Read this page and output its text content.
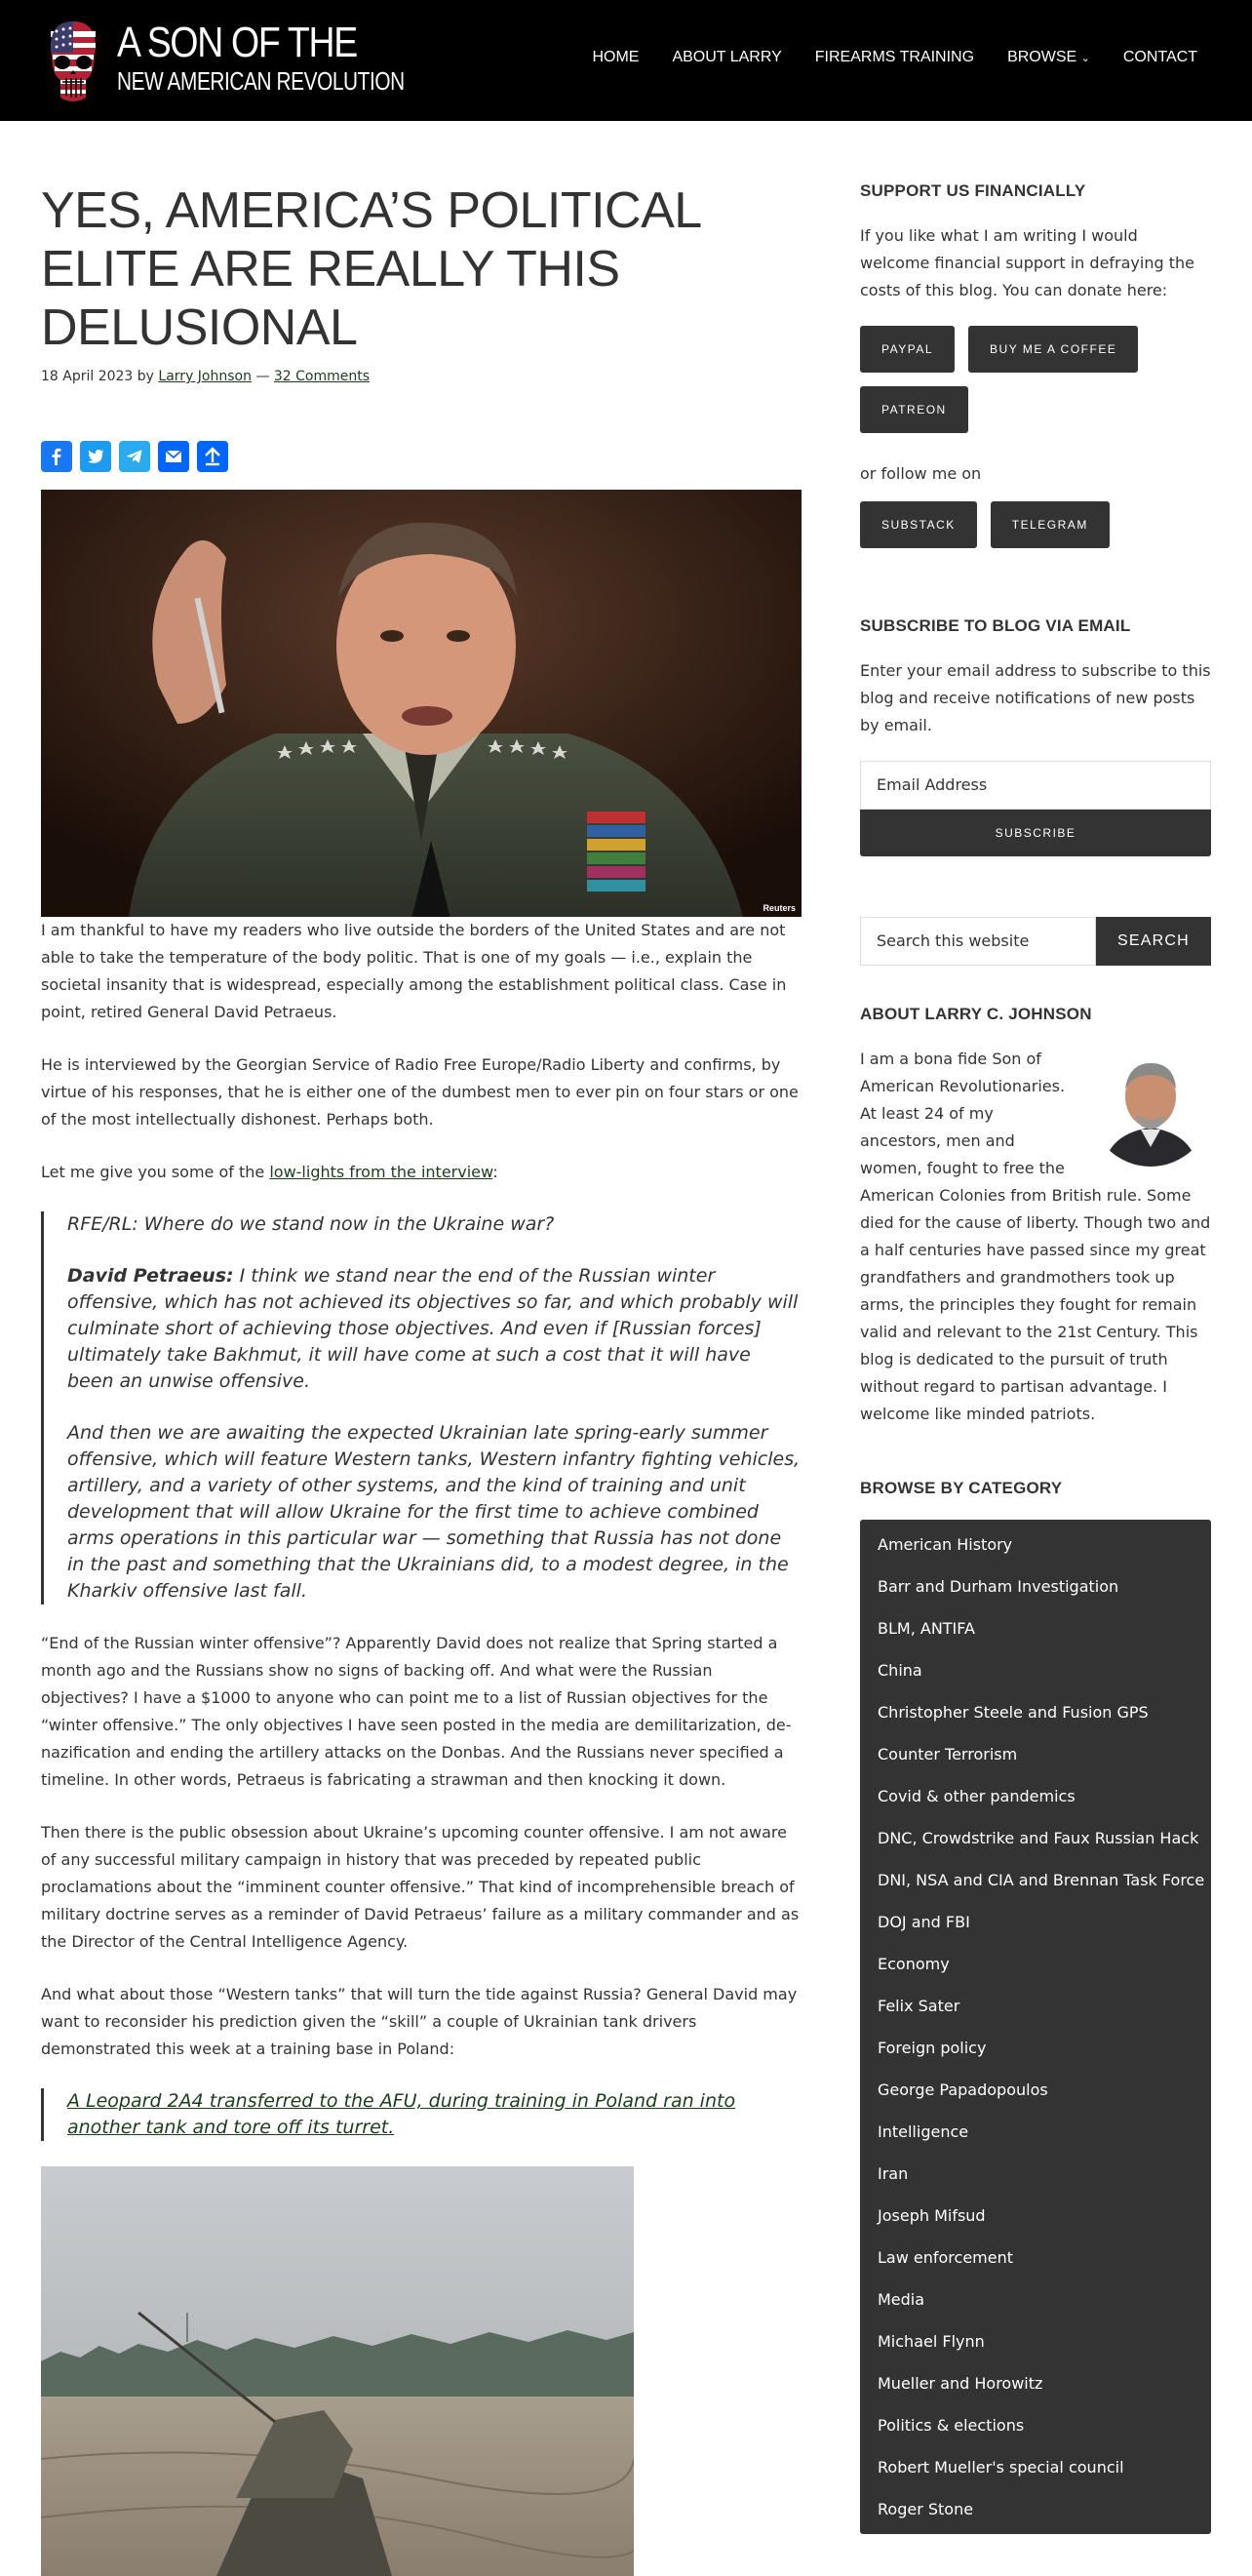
A SON OF THE
NEW AMERICAN REVOLUTION
HOME ABOUT LARRY FIREARMS TRAINING BROWSE ⌄ CONTACT
YES, AMERICA’S POLITICAL ELITE ARE REALLY THIS DELUSIONAL
18 April 2023 by Larry Johnson — 32 Comments
Reuters

I am thankful to have my readers who live outside the borders of the United States and are not able to take the temperature of the body politic. That is one of my goals — i.e., explain the societal insanity that is widespread, especially among the establishment political class. Case in point, retired General David Petraeus.

He is interviewed by the Georgian Service of Radio Free Europe/Radio Liberty and confirms, by virtue of his responses, that he is either one of the dumbest men to ever pin on four stars or one of the most intellectually dishonest. Perhaps both.

Let me give you some of the low-lights from the interview:

RFE/RL: Where do we stand now in the Ukraine war?

David Petraeus: I think we stand near the end of the Russian winter offensive, which has not achieved its objectives so far, and which probably will culminate short of achieving those objectives. And even if [Russian forces] ultimately take Bakhmut, it will have come at such a cost that it will have been an unwise offensive.

And then we are awaiting the expected Ukrainian late spring-early summer offensive, which will feature Western tanks, Western infantry fighting vehicles, artillery, and a variety of other systems, and the kind of training and unit development that will allow Ukraine for the first time to achieve combined arms operations in this particular war — something that Russia has not done in the past and something that the Ukrainians did, to a modest degree, in the Kharkiv offensive last fall.

“End of the Russian winter offensive”? Apparently David does not realize that Spring started a month ago and the Russians show no signs of backing off. And what were the Russian objectives? I have a $1000 to anyone who can point me to a list of Russian objectives for the “winter offensive.” The only objectives I have seen posted in the media are demilitarization, de-nazification and ending the artillery attacks on the Donbas. And the Russians never specified a timeline. In other words, Petraeus is fabricating a strawman and then knocking it down.

Then there is the public obsession about Ukraine’s upcoming counter offensive. I am not aware of any successful military campaign in history that was preceded by repeated public proclamations about the “imminent counter offensive.” That kind of incomprehensible breach of military doctrine serves as a reminder of David Petraeus’ failure as a military commander and as the Director of the Central Intelligence Agency.

And what about those “Western tanks” that will turn the tide against Russia? General David may want to reconsider his prediction given the “skill” a couple of Ukrainian tank drivers demonstrated this week at a training base in Poland:

A Leopard 2A4 transferred to the AFU, during training in Poland ran into another tank and tore off its turret.

SUPPORT US FINANCIALLY
If you like what I am writing I would welcome financial support in defraying the costs of this blog. You can donate here:
PAYPAL	BUY ME A COFFEE
PATREON
or follow me on
SUBSTACK	TELEGRAM
SUBSCRIBE TO BLOG VIA EMAIL
Enter your email address to subscribe to this blog and receive notifications of new posts by email.
Email Address
SUBSCRIBE
Search this website	SEARCH
ABOUT LARRY C. JOHNSON
I am a bona fide Son of American Revolutionaries. At least 24 of my ancestors, men and women, fought to free the American Colonies from British rule. Some died for the cause of liberty. Though two and a half centuries have passed since my great grandfathers and grandmothers took up arms, the principles they fought for remain valid and relevant to the 21st Century. This blog is dedicated to the pursuit of truth without regard to partisan advantage. I welcome like minded patriots.
BROWSE BY CATEGORY
American History
Barr and Durham Investigation
BLM, ANTIFA
China
Christopher Steele and Fusion GPS
Counter Terrorism
Covid & other pandemics
DNC, Crowdstrike and Faux Russian Hack
DNI, NSA and CIA and Brennan Task Force
DOJ and FBI
Economy
Felix Sater
Foreign policy
George Papadopoulos
Intelligence
Iran
Joseph Mifsud
Law enforcement
Media
Michael Flynn
Mueller and Horowitz
Politics & elections
Robert Mueller's special council
Roger Stone
